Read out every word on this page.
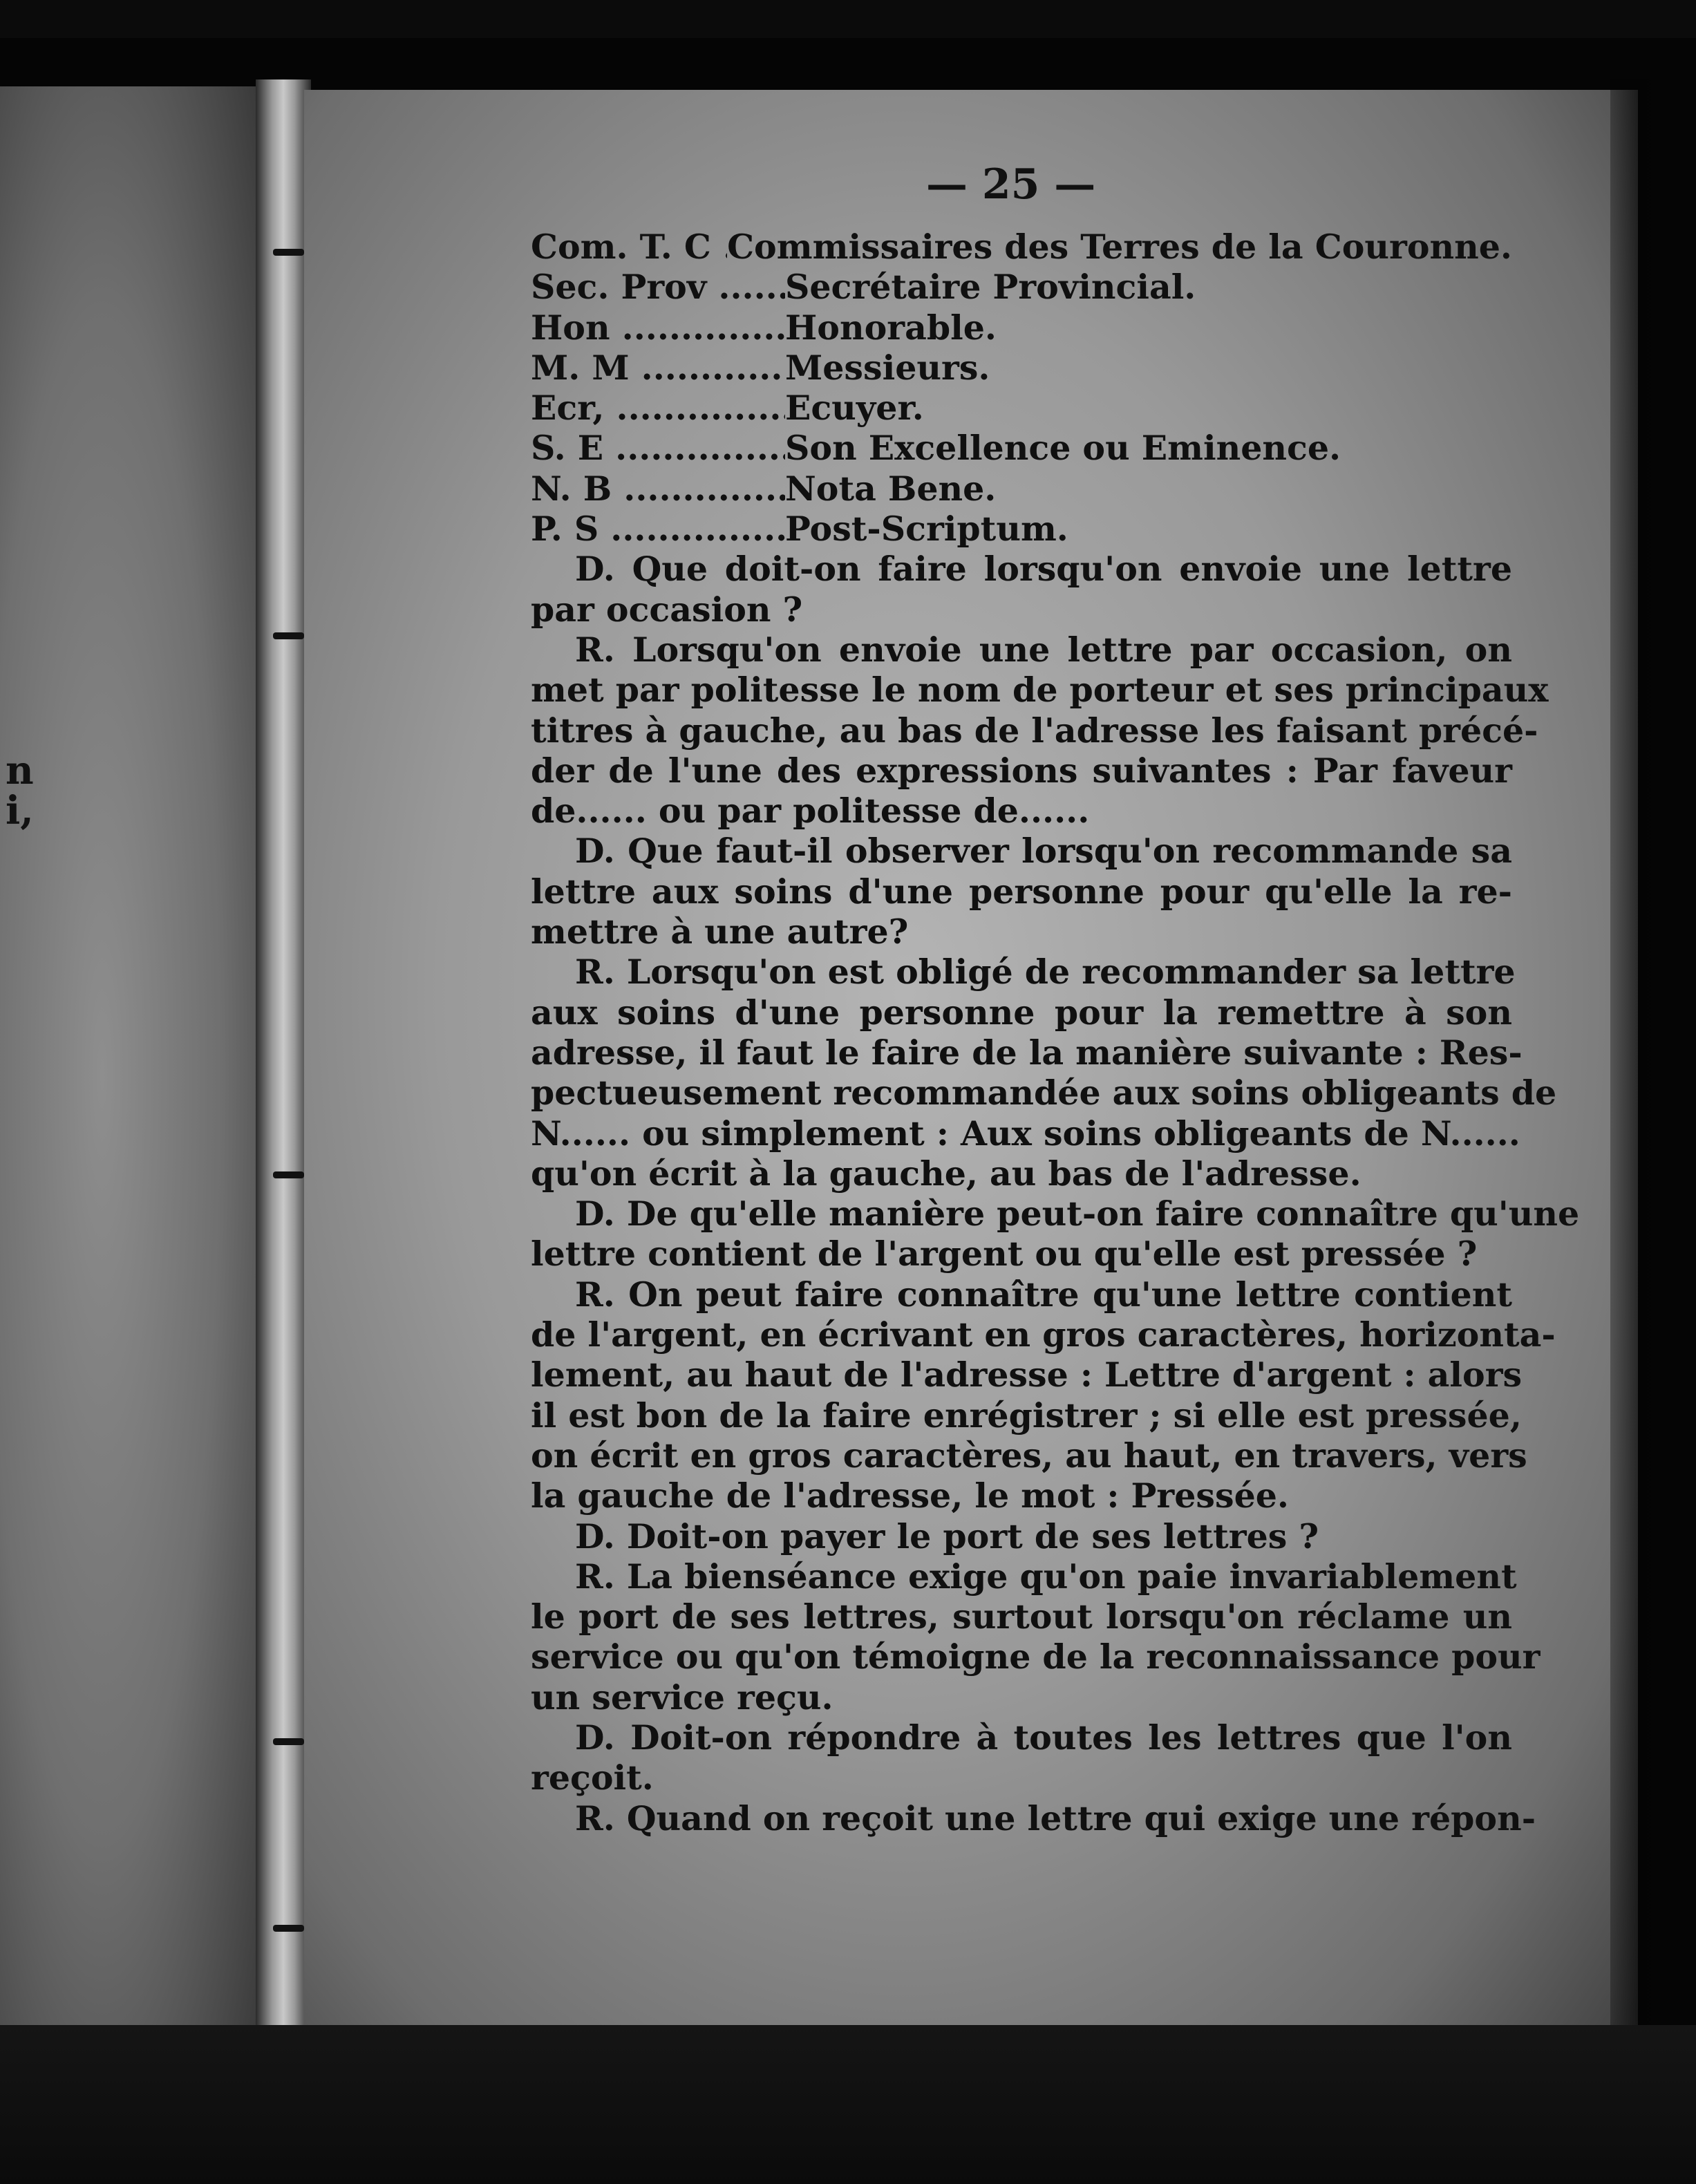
n
i,
— 25 —
Com. T. C ..... Commissaires des Terres de la Couronne.
Sec. Prov .....	Secrétaire Provincial.
Hon .....	Honorable.
M. M .....	Messieurs.
Ecr, .....	Ecuyer.
S. E .....	Son Excellence ou Eminence.
N. B .....	Nota Bene.
P. S .....	Post-Scriptum.
D. Que doit-on faire lorsqu'on envoie une lettre
par occasion ?
R. Lorsqu'on envoie une lettre par occasion, on
met par politesse le nom de porteur et ses principaux
titres à gauche, au bas de l'adresse les faisant précé-
der de l'une des expressions suivantes : Par faveur
de...... ou par politesse de......
D. Que faut-il observer lorsqu'on recommande sa
lettre aux soins d'une personne pour qu'elle la re-
mettre à une autre?
R. Lorsqu'on est obligé de recommander sa lettre
aux soins d'une personne pour la remettre à son
adresse, il faut le faire de la manière suivante : Res-
pectueusement recommandée aux soins obligeants de
N...... ou simplement : Aux soins obligeants de N......
qu'on écrit à la gauche, au bas de l'adresse.
D. De qu'elle manière peut-on faire connaître qu'une
lettre contient de l'argent ou qu'elle est pressée ?
R. On peut faire connaître qu'une lettre contient
de l'argent, en écrivant en gros caractères, horizonta-
lement, au haut de l'adresse : Lettre d'argent : alors
il est bon de la faire enrégistrer ; si elle est pressée,
on écrit en gros caractères, au haut, en travers, vers
la gauche de l'adresse, le mot : Pressée.
D. Doit-on payer le port de ses lettres ?
R. La bienséance exige qu'on paie invariablement
le port de ses lettres, surtout lorsqu'on réclame un
service ou qu'on témoigne de la reconnaissance pour
un service reçu.
D. Doit-on répondre à toutes les lettres que l'on
reçoit.
R. Quand on reçoit une lettre qui exige une répon-
